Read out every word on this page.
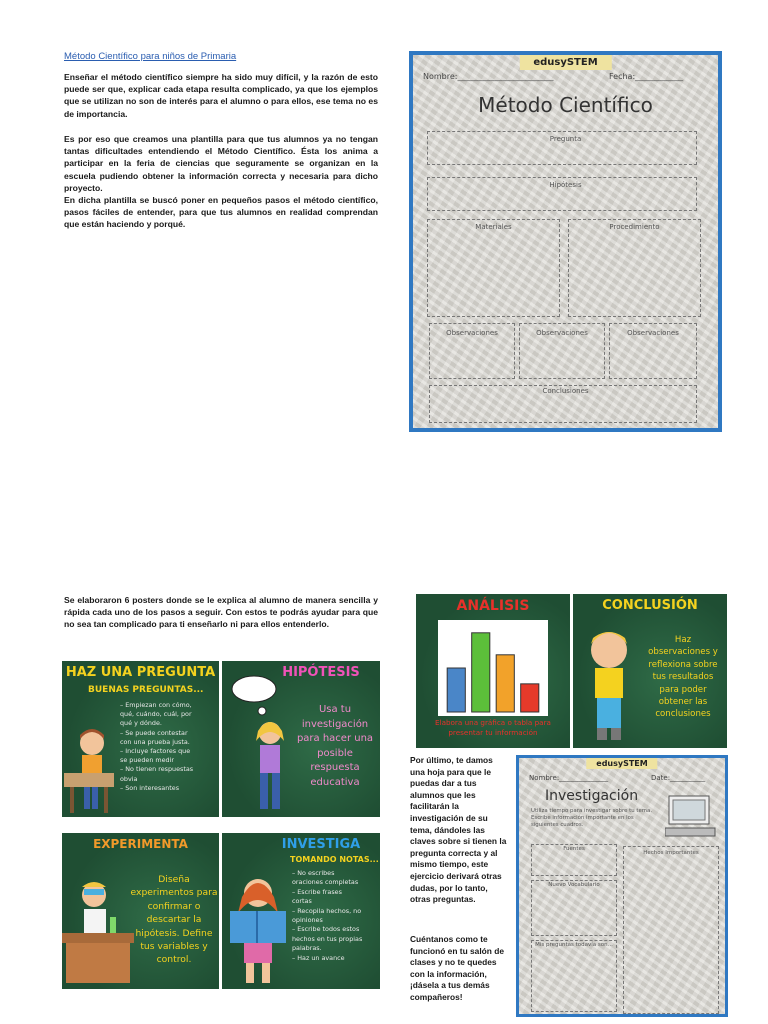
Método Científico para niños de Primaria
Enseñar el método científico siempre ha sido muy difícil, y la razón de esto puede ser que, explicar cada etapa resulta complicado, ya que los ejemplos que se utilizan no son de interés para el alumno o para ellos, ese tema no es de importancia.
Es por eso que creamos una plantilla para que tus alumnos ya no tengan tantas dificultades entendiendo el Método Científico. Ésta los anima a participar en la feria de ciencias que seguramente se organizan en la escuela pudiendo obtener la información correcta y necesaria para dicho proyecto.
En dicha plantilla se buscó poner en pequeños pasos el método científico, pasos fáciles de entender, para que tus alumnos en realidad comprendan que están haciendo y porqué.
edusySTEM
Nombre:________________________	Fecha:____________
Método Científico
Pregunta
Hipótesis
Materiales	Procedimiento
Observaciones	Observaciones	Observaciones
Conclusiones
Se elaboraron 6 posters donde se le explica al alumno de manera sencilla y rápida cada uno de los pasos a seguir. Con estos te podrás ayudar para que no sea tan complicado para ti enseñarlo ni para ellos entenderlo.
HAZ UNA PREGUNTA
BUENAS PREGUNTAS...
– Empiezan con cómo,
qué, cuándo, cuál, por
qué y dónde.
– Se puede contestar
con una prueba justa.
– Incluye factores que
se pueden medir
– No tienen respuestas
obvia
– Son interesantes
HIPÓTESIS
Usa tu
investigación
para hacer una
posible
respuesta
educativa
EXPERIMENTA
Diseña
experimentos para
confirmar o
descartar la
hipótesis. Define
tus variables y
control.
INVESTIGA
TOMANDO NOTAS...
– No escribes
oraciones completas
– Escribe frases
cortas
– Recopila hechos, no
opiniones
– Escribe todos estos
hechos en tus propias
palabras.
– Haz un avance
ANÁLISIS
Elabora una gráfica o tabla para
presentar tu información
CONCLUSIÓN
Haz
observaciones y
reflexiona sobre
tus resultados
para poder
obtener las
conclusiones
Por último, te damos una hoja para que le puedas dar a tus alumnos que les facilitarán la investigación de su tema, dándoles las claves sobre si tienen la pregunta correcta y al mismo tiempo, este ejercicio derivará otras dudas, por lo tanto, otras preguntas.
Cuéntanos como te funcionó en tu salón de clases y no te quedes con la información, ¡dásela a tus demás compañeros!
edusySTEM
Nombre:______________	Date:__________
Investigación
Utiliza tiempo para investigar sobre tu tema.
Escribe información importante en los
siguientes cuadros.
Fuentes
Hechos Importantes
Nuevo Vocabulario
Mis preguntas todavía son...
